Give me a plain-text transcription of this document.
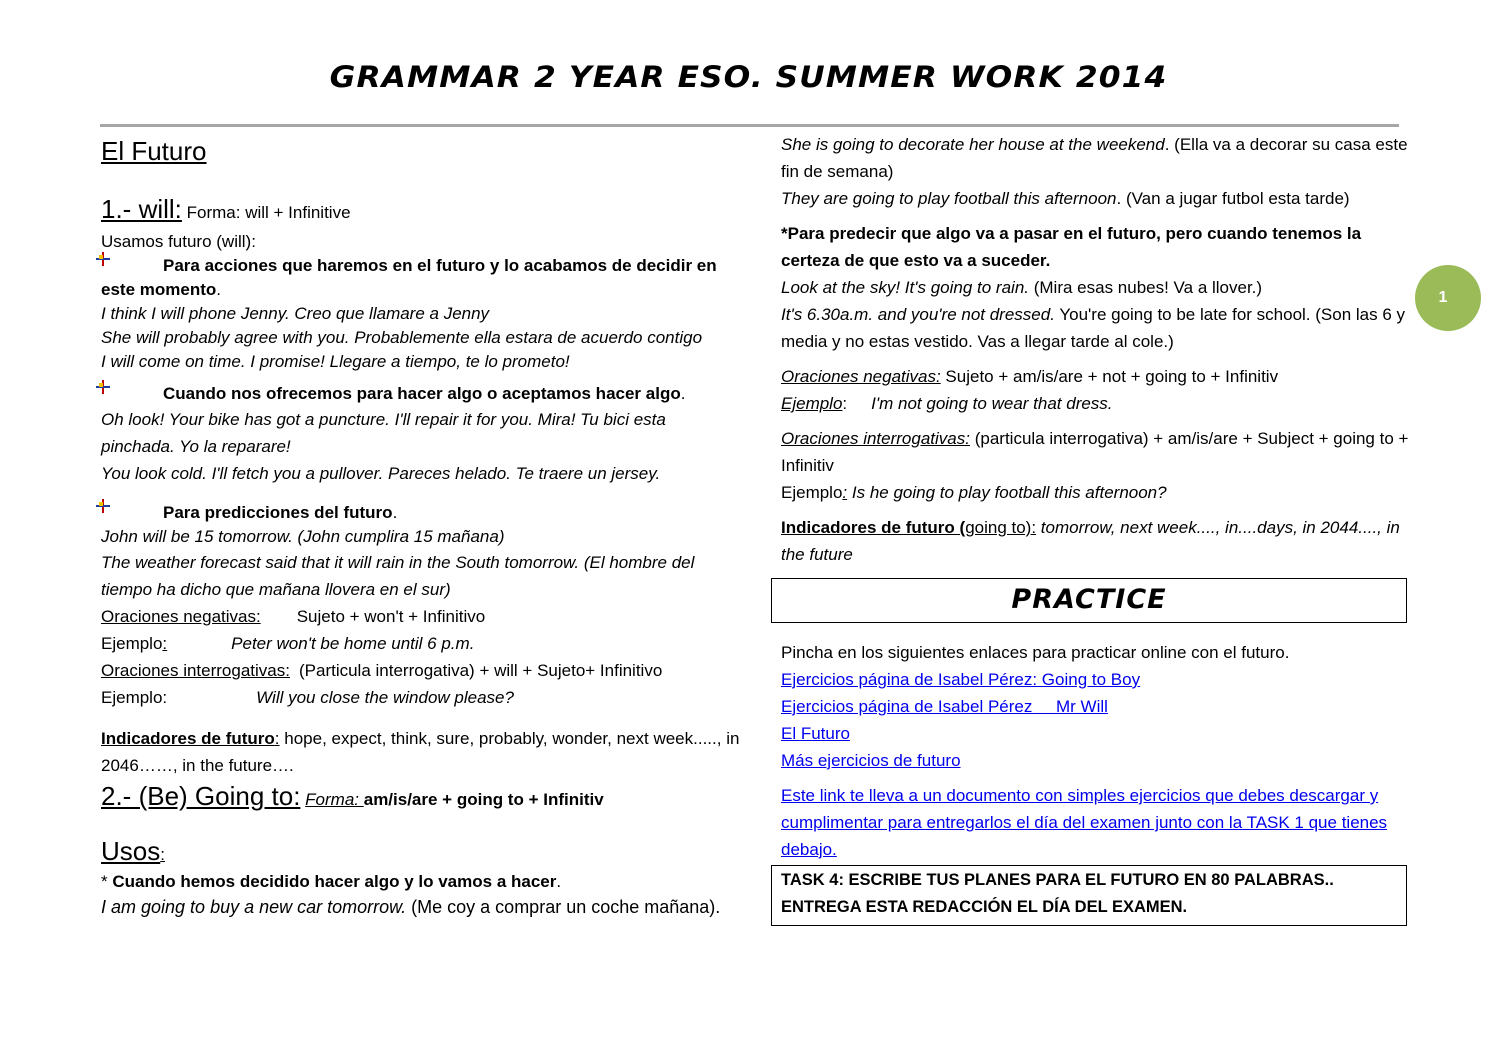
GRAMMAR 2 YEAR ESO. SUMMER WORK 2014

El Futuro

1.- will: Forma: will + Infinitive

Usamos futuro (will):

Para acciones que haremos en el futuro y lo acabamos de decidir en este momento.

I think I will phone Jenny. Creo que llamare a Jenny

She will probably agree with you. Probablemente ella estara de acuerdo contigo

I will come on time. I promise! Llegare a tiempo, te lo prometo!

Cuando nos ofrecemos para hacer algo o aceptamos hacer algo.

Oh look! Your bike has got a puncture. I'll repair it for you. Mira! Tu bici esta pinchada. Yo la reparare!

You look cold. I'll fetch you a pullover. Pareces helado. Te traere un jersey.

Para predicciones del futuro.

John will be 15 tomorrow. (John cumplira 15 mañana)

The weather forecast said that it will rain in the South tomorrow. (El hombre del tiempo ha dicho que mañana llovera en el sur)

Oraciones negativas: Sujeto + won't + Infinitivo

Ejemplo:	Peter won't be home until 6 p.m.

Oraciones interrogativas: (Particula interrogativa) + will + Sujeto+ Infinitivo

Ejemplo:	Will you close the window please?

Indicadores de futuro: hope, expect, think, sure, probably, wonder, next week....., in 2046……, in the future….

2.- (Be) Going to: Forma: am/is/are + going to + Infinitiv

Usos:

* Cuando hemos decidido hacer algo y lo vamos a hacer.

I am going to buy a new car tomorrow. (Me coy a comprar un coche mañana).

She is going to decorate her house at the weekend. (Ella va a decorar su casa este fin de semana)

They are going to play football this afternoon. (Van a jugar futbol esta tarde)

*Para predecir que algo va a pasar en el futuro, pero cuando tenemos la certeza de que esto va a suceder.

Look at the sky! It's going to rain. (Mira esas nubes! Va a llover.)

It's 6.30a.m. and you're not dressed. You're going to be late for school. (Son las 6 y media y no estas vestido. Vas a llegar tarde al cole.)

Oraciones negativas: Sujeto + am/is/are + not + going to + Infinitiv

Ejemplo: I'm not going to wear that dress.

Oraciones interrogativas: (particula interrogativa) + am/is/are + Subject + going to + Infinitiv

Ejemplo: Is he going to play football this afternoon?

Indicadores de futuro (going to): tomorrow, next week...., in....days, in 2044...., in the future

PRACTICE

Pincha en los siguientes enlaces para practicar online con el futuro.

Ejercicios página de Isabel Pérez: Going to Boy

Ejercicios página de Isabel Pérez     Mr Will

El Futuro

Más ejercicios de futuro

Este link te lleva a un documento con simples ejercicios que debes descargar y cumplimentar para entregarlos el día del examen junto con la TASK 1 que tienes debajo.

TASK 4: ESCRIBE TUS PLANES PARA EL FUTURO EN 80 PALABRAS.. ENTREGA ESTA REDACCIÓN EL DÍA DEL EXAMEN.
1
